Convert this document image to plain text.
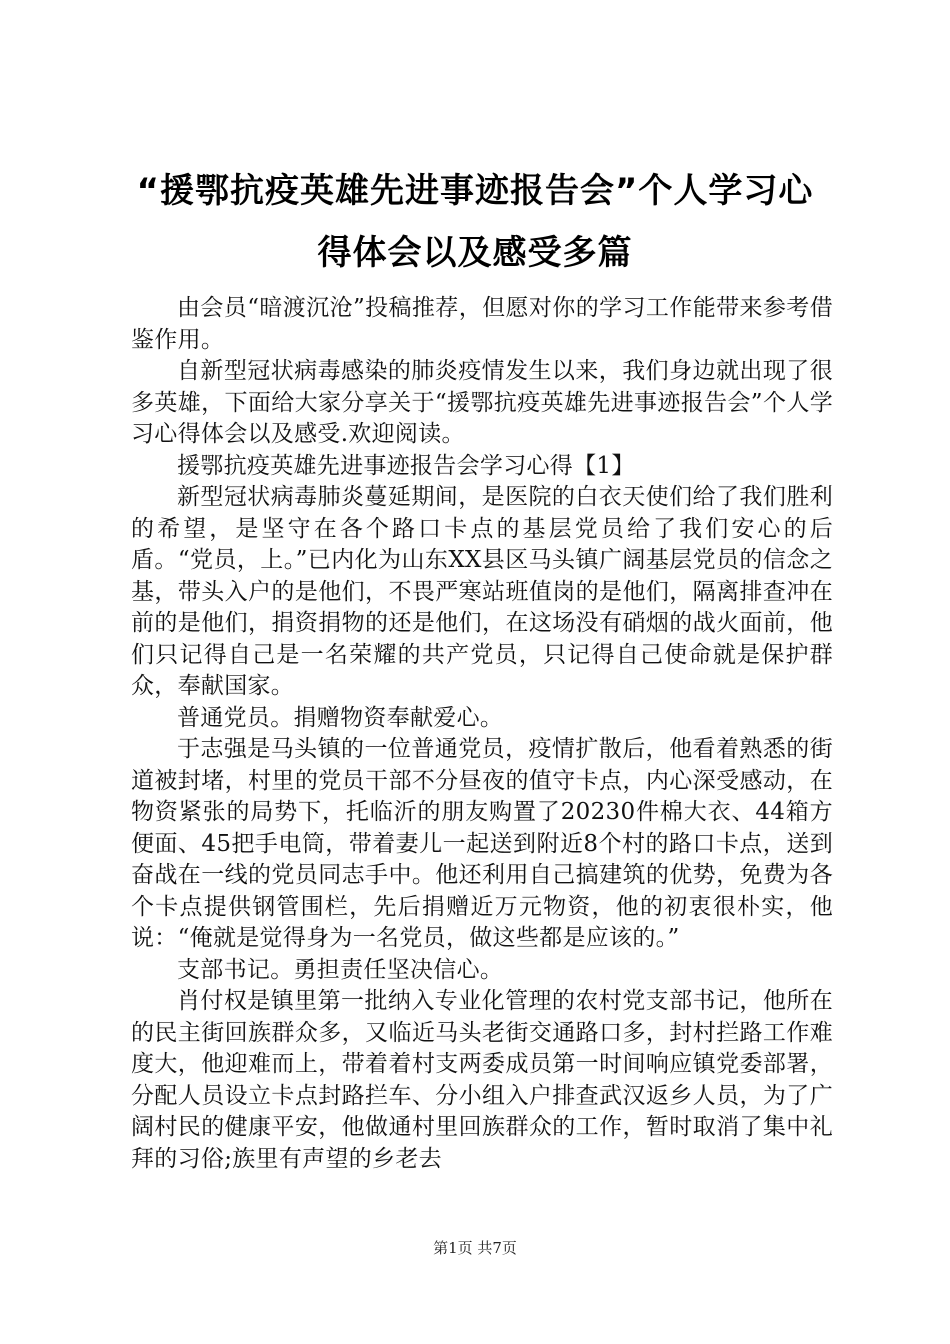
“援鄂抗疫英雄先进事迹报告会”个人学习心
得体会以及感受多篇

由会员“暗渡沉沧”投稿推荐，但愿对你的学习工作能带来参考借鉴作用。

自新型冠状病毒感染的肺炎疫情发生以来，我们身边就出现了很多英雄，下面给大家分享关于“援鄂抗疫英雄先进事迹报告会”个人学习心得体会以及感受.欢迎阅读。

援鄂抗疫英雄先进事迹报告会学习心得【1】

新型冠状病毒肺炎蔓延期间，是医院的白衣天使们给了我们胜利的希望，是坚守在各个路口卡点的基层党员给了我们安心的后盾。“党员，上。”已内化为山东XX县区马头镇广阔基层党员的信念之基，带头入户的是他们，不畏严寒站班值岗的是他们，隔离排查冲在前的是他们，捐资捐物的还是他们，在这场没有硝烟的战火面前，他们只记得自己是一名荣耀的共产党员，只记得自己使命就是保护群众，奉献国家。

普通党员。捐赠物资奉献爱心。

于志强是马头镇的一位普通党员，疫情扩散后，他看着熟悉的街道被封堵，村里的党员干部不分昼夜的值守卡点，内心深受感动，在物资紧张的局势下，托临沂的朋友购置了20230件棉大衣、44箱方便面、45把手电筒，带着妻儿一起送到附近8个村的路口卡点，送到奋战在一线的党员同志手中。他还利用自己搞建筑的优势，免费为各个卡点提供钢管围栏，先后捐赠近万元物资，他的初衷很朴实，他说：“俺就是觉得身为一名党员，做这些都是应该的。”

支部书记。勇担责任坚决信心。

肖付权是镇里第一批纳入专业化管理的农村党支部书记，他所在的民主街回族群众多，又临近马头老街交通路口多，封村拦路工作难度大，他迎难而上，带着着村支两委成员第一时间响应镇党委部署，分配人员设立卡点封路拦车、分小组入户排查武汉返乡人员，为了广阔村民的健康平安，他做通村里回族群众的工作，暂时取消了集中礼拜的习俗;族里有声望的乡老去

第1页 共7页
